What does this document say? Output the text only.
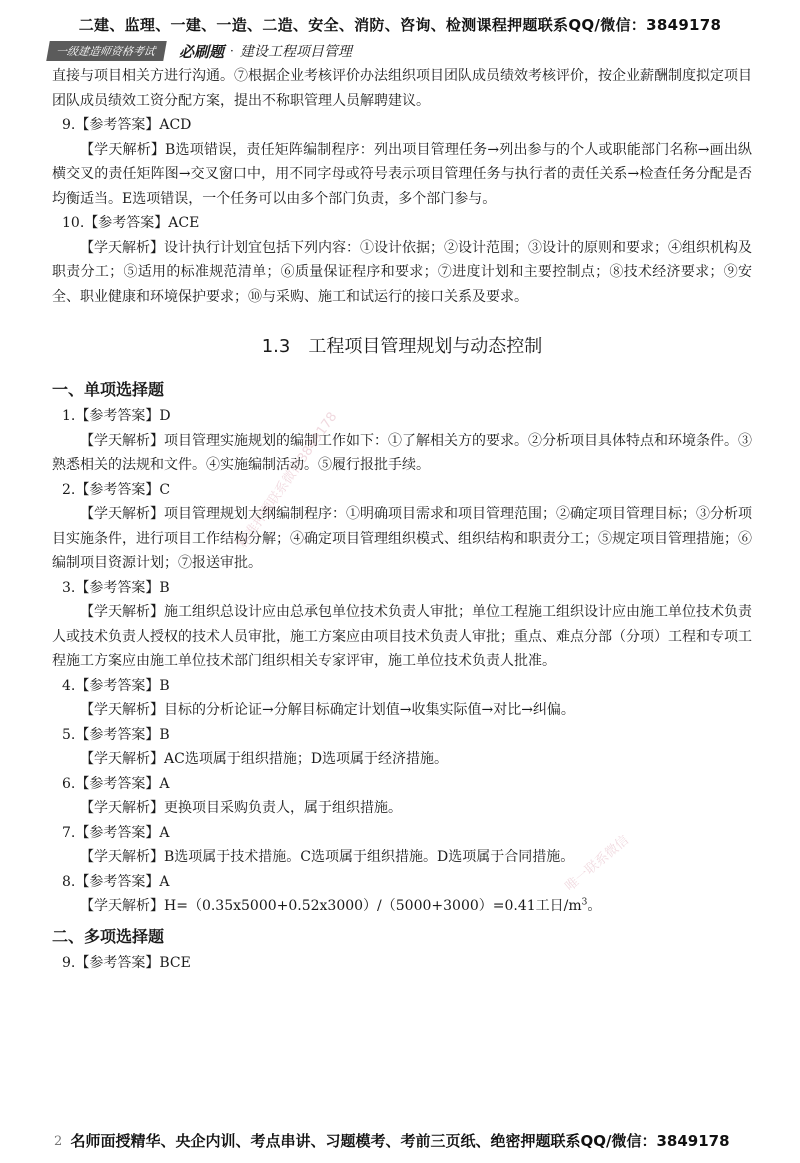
二建、监理、一建、一造、二造、安全、消防、咨询、检测课程押题联系QQ/微信：3849178
一级建造师资格考试	必刷题 · 建设工程项目管理

直接与项目相关方进行沟通。⑦根据企业考核评价办法组织项目团队成员绩效考核评价，按企业薪酬制度拟定项目团队成员绩效工资分配方案，提出不称职管理人员解聘建议。

9.【参考答案】ACD

【学天解析】B选项错误，责任矩阵编制程序：列出项目管理任务→列出参与的个人或职能部门名称→画出纵横交叉的责任矩阵图→交叉窗口中，用不同字母或符号表示项目管理任务与执行者的责任关系→检查任务分配是否均衡适当。E选项错误，一个任务可以由多个部门负责，多个部门参与。

10.【参考答案】ACE

【学天解析】设计执行计划宜包括下列内容：①设计依据；②设计范围；③设计的原则和要求；④组织机构及职责分工；⑤适用的标准规范清单；⑥质量保证程序和要求；⑦进度计划和主要控制点；⑧技术经济要求；⑨安全、职业健康和环境保护要求；⑩与采购、施工和试运行的接口关系及要求。

1.3　工程项目管理规划与动态控制
一、单项选择题

1.【参考答案】D

【学天解析】项目管理实施规划的编制工作如下：①了解相关方的要求。②分析项目具体特点和环境条件。③熟悉相关的法规和文件。④实施编制活动。⑤履行报批手续。

2.【参考答案】C

【学天解析】项目管理规划大纲编制程序：①明确项目需求和项目管理范围；②确定项目管理目标；③分析项目实施条件，进行项目工作结构分解；④确定项目管理组织模式、组织结构和职责分工；⑤规定项目管理措施；⑥编制项目资源计划；⑦报送审批。

3.【参考答案】B

【学天解析】施工组织总设计应由总承包单位技术负责人审批；单位工程施工组织设计应由施工单位技术负责人或技术负责人授权的技术人员审批，施工方案应由项目技术负责人审批；重点、难点分部（分项）工程和专项工程施工方案应由施工单位技术部门组织相关专家评审，施工单位技术负责人批准。

4.【参考答案】B

【学天解析】目标的分析论证→分解目标确定计划值→收集实际值→对比→纠偏。

5.【参考答案】B

【学天解析】AC选项属于组织措施；D选项属于经济措施。

6.【参考答案】A

【学天解析】更换项目采购负责人，属于组织措施。

7.【参考答案】A

【学天解析】B选项属于技术措施。C选项属于组织措施。D选项属于合同措施。

8.【参考答案】A

【学天解析】H=（0.35x5000+0.52x3000）/（5000+3000）=0.41工日$/m^3$。

二、多项选择题

9.【参考答案】BCE

精准押题联系微信3849178
唯一联系微信
2 名师面授精华、央企内训、考点串讲、习题模考、考前三页纸、绝密押题联系QQ/微信：3849178
